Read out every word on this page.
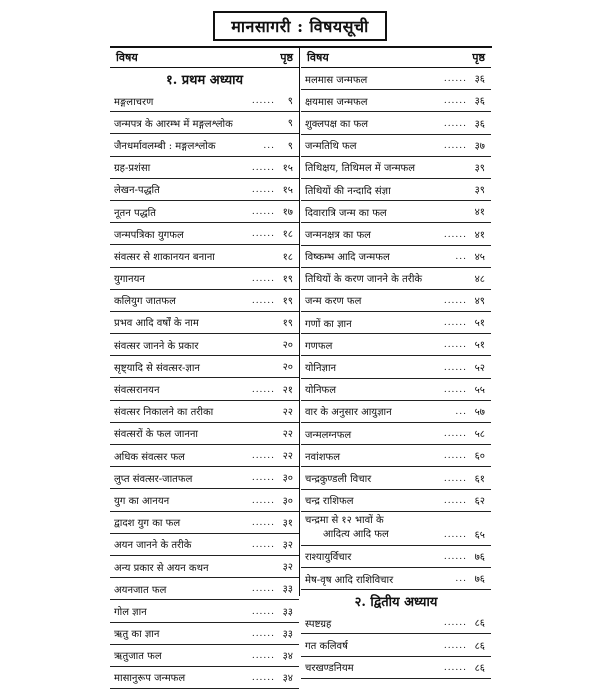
मानसागरी : विषयसूची
विषय	पृष्ठ
१. प्रथम अध्याय
मङ्गलाचरण	...... ९
जन्मपत्र के आरम्भ में मङ्गलश्लोक	९
जैनधर्मावलम्बी : मङ्गलश्लोक	... ९
ग्रह-प्रशंसा	...... १५
लेखन-पद्धति	...... १५
नूतन पद्धति	...... १७
जन्मपत्रिका युगफल	...... १८
संवत्सर से शाकानयन बनाना	१८
युगानयन	...... १९
कलियुग जातफल	...... १९
प्रभव आदि वर्षों के नाम	१९
संवत्सर जानने के प्रकार	२०
सृष्ट्यादि से संवत्सर-ज्ञान	२०
संवत्सरानयन	...... २१
संवत्सर निकालने का तरीका	२२
संवत्सरों के फल जानना	२२
अधिक संवत्सर फल	...... २२
लुप्त संवत्सर-जातफल	...... ३०
युग का आनयन	...... ३०
द्वादश युग का फल	...... ३१
अयन जानने के तरीके	...... ३२
अन्य प्रकार से अयन कथन	३२
अयनजात फल	...... ३३
गोल ज्ञान	...... ३३
ऋतु का ज्ञान	...... ३३
ऋतुजात फल	...... ३४
मासानुरूप जन्मफल	...... ३४
विषय	पृष्ठ
मलमास जन्मफल	...... ३६
क्षयमास जन्मफल	...... ३६
शुक्लपक्ष का फल	...... ३६
जन्मतिथि फल	...... ३७
तिथिक्षय, तिथिमल में जन्मफल	३९
तिथियों की नन्दादि संज्ञा	३९
दिवारात्रि जन्म का फल	४१
जन्मनक्षत्र का फल	...... ४१
विष्कम्भ आदि जन्मफल	... ४५
तिथियों के करण जानने के तरीके	४८
जन्म करण फल	...... ४९
गणों का ज्ञान	...... ५१
गणफल	...... ५१
योनिज्ञान	...... ५२
योनिफल	...... ५५
वार के अनुसार आयुज्ञान	... ५७
जन्मलग्नफल	...... ५८
नवांशफल	...... ६०
चन्द्रकुण्डली विचार	...... ६१
चन्द्र राशिफल	...... ६२
चन्द्रमा से १२ भावों के
आदित्य आदि फल	...... ६५
राश्यायुर्विचार	...... ७६
मेष-वृष आदि राशिविचार	... ७६
२. द्वितीय अध्याय
स्पष्टग्रह	...... ८६
गत कलिवर्ष	...... ८६
चरखण्डनियम	...... ८६
